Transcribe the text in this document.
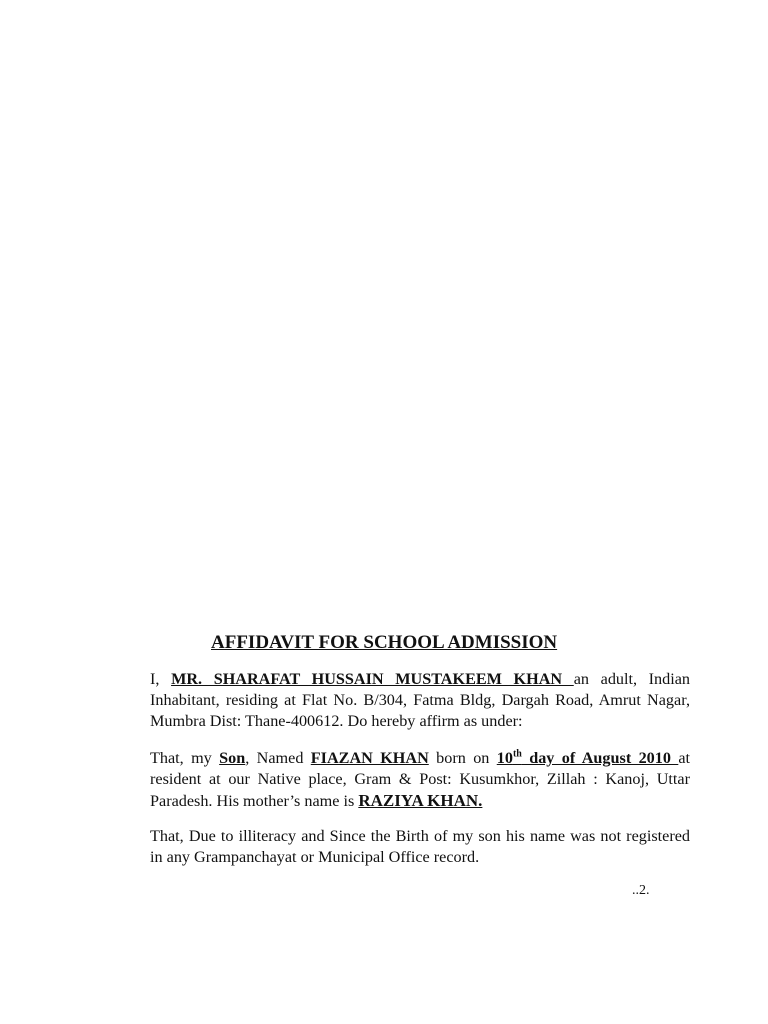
AFFIDAVIT FOR SCHOOL ADMISSION
I, MR. SHARAFAT HUSSAIN MUSTAKEEM KHAN an adult, Indian Inhabitant, residing at Flat No. B/304, Fatma Bldg, Dargah Road, Amrut Nagar, Mumbra Dist: Thane-400612. Do hereby affirm as under:
That, my Son, Named FIAZAN KHAN born on 10th day of August 2010 at resident at our Native place, Gram & Post: Kusumkhor, Zillah : Kanoj, Uttar Paradesh. His mother’s name is RAZIYA KHAN.
That, Due to illiteracy and Since the Birth of my son his name was not registered in any Grampanchayat or Municipal Office record.
..2.
